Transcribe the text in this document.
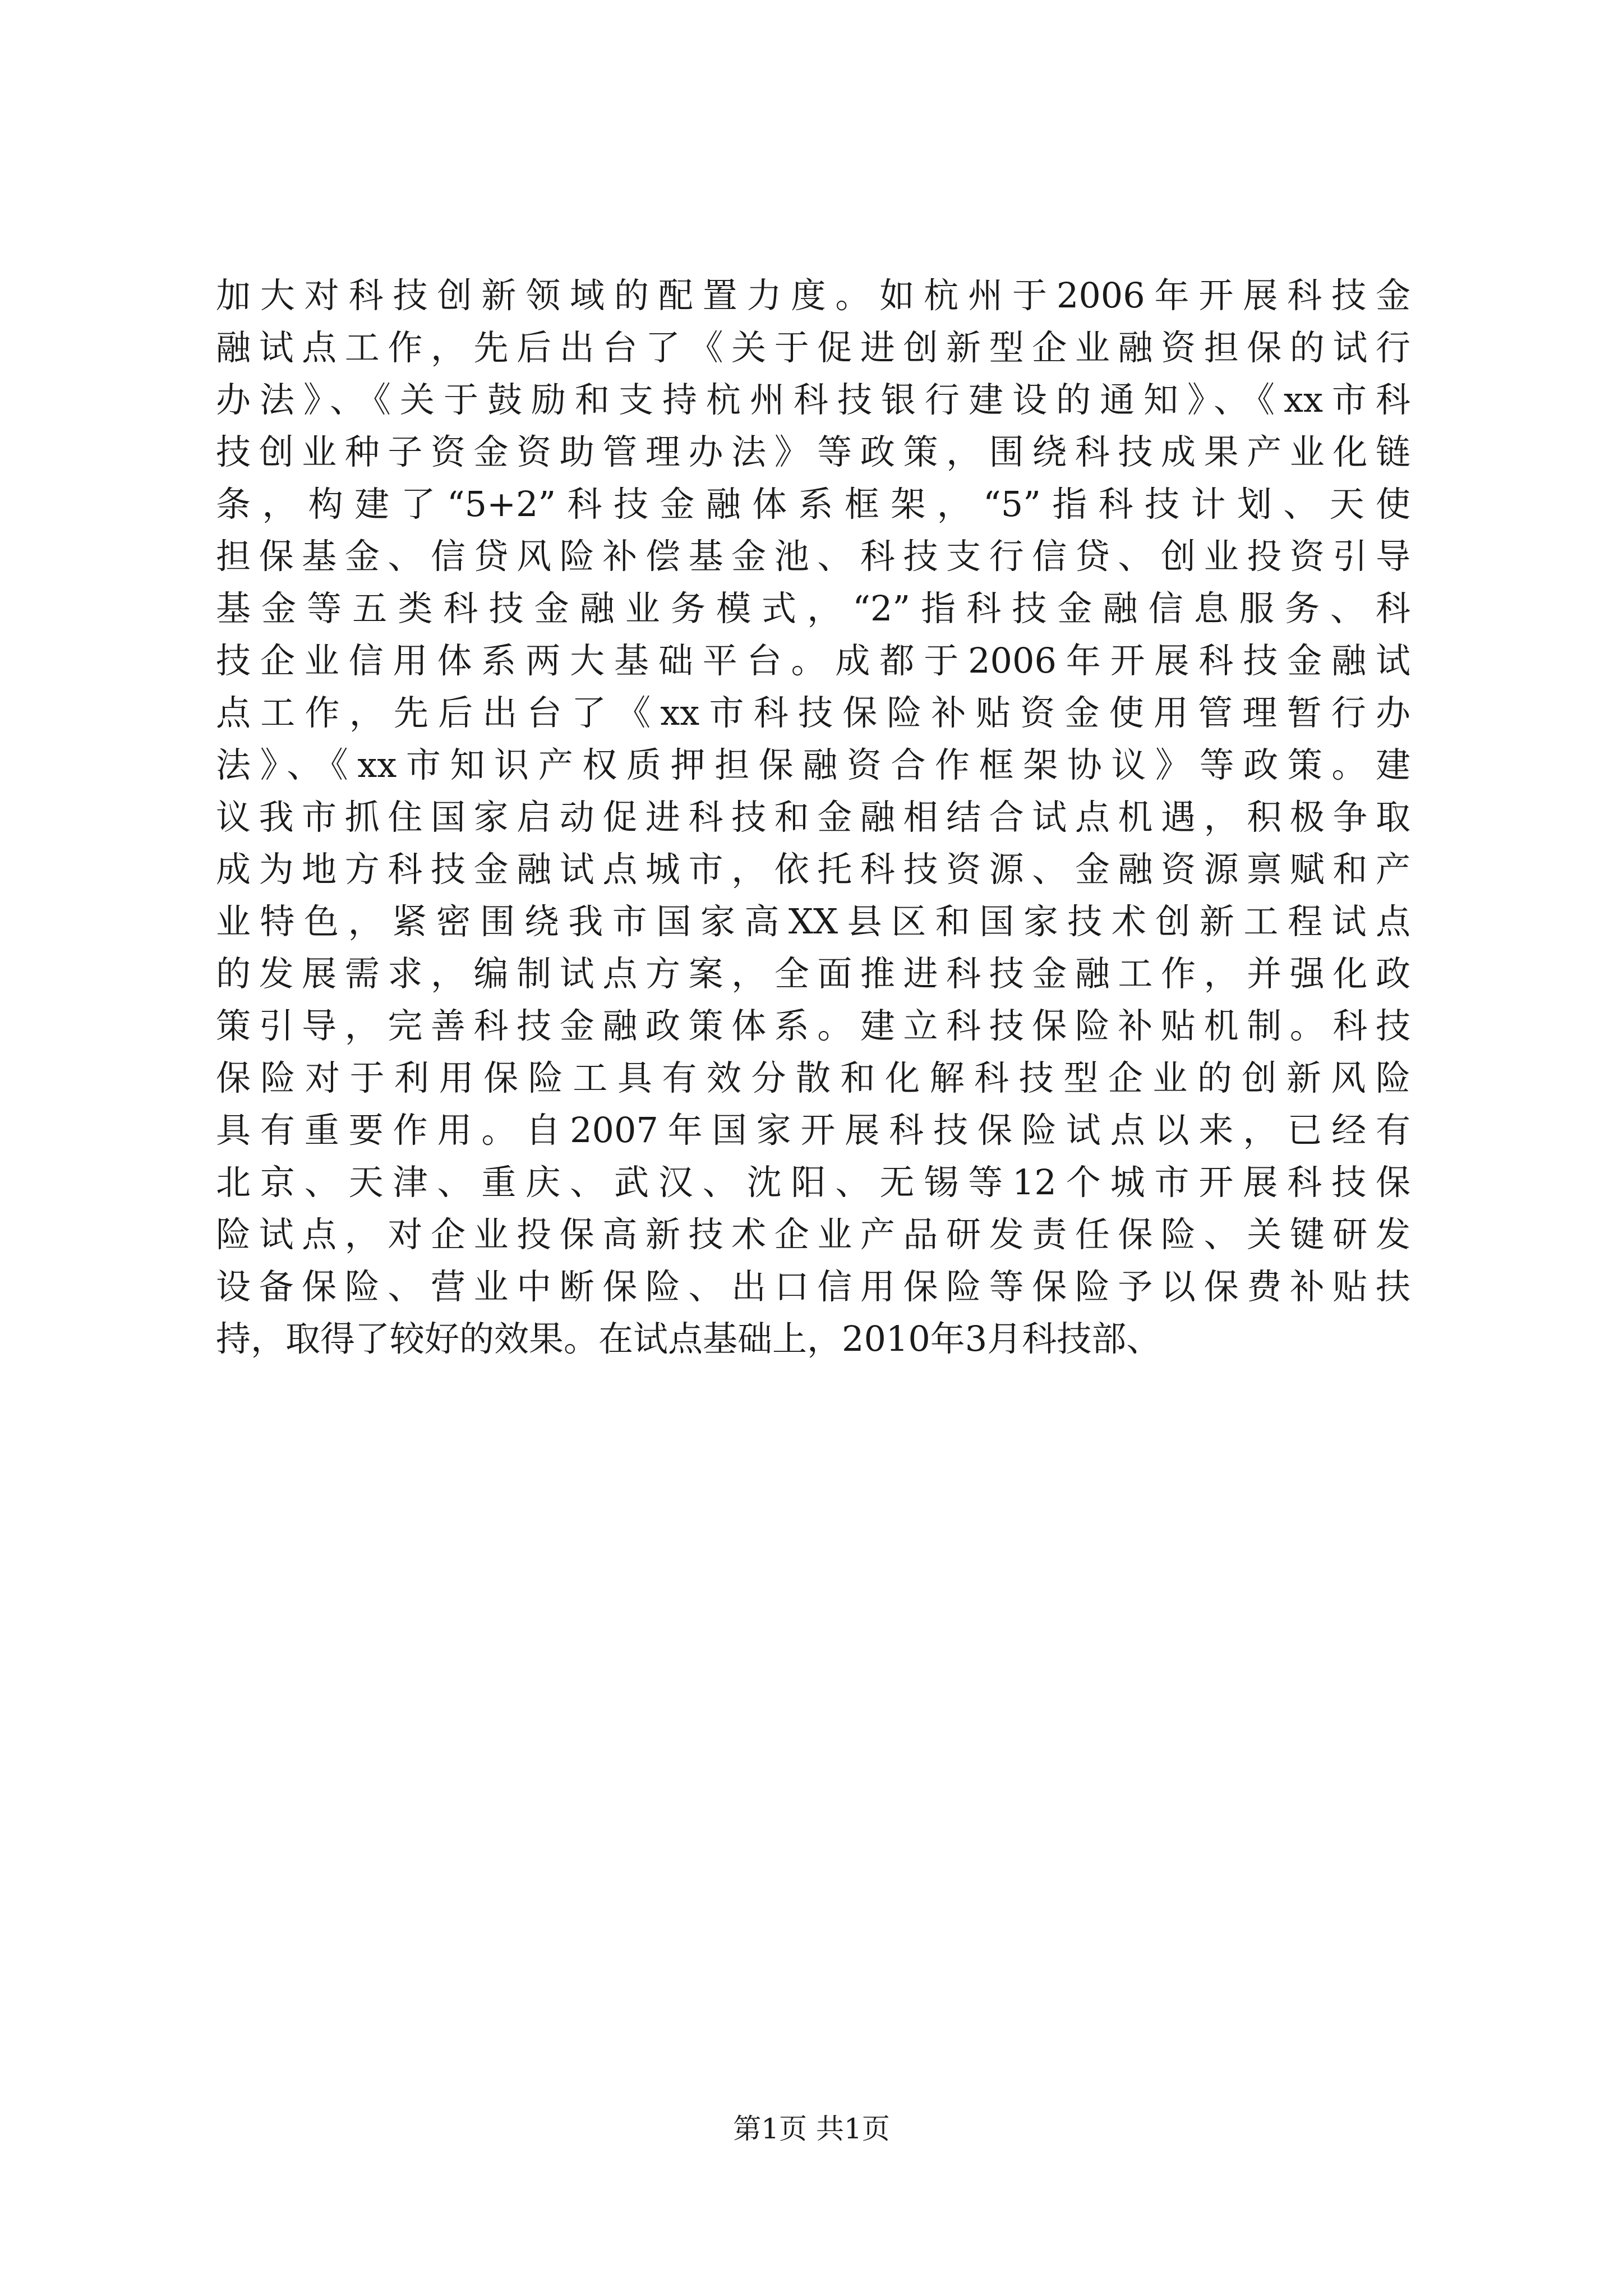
加大对科技创新领域的配置力度。如杭州于2006年开展科技金
融试点工作，先后出台了《关于促进创新型企业融资担保的试行
办法》、《关于鼓励和支持杭州科技银行建设的通知》、《xx市科
技创业种子资金资助管理办法》等政策，围绕科技成果产业化链
条，构建了“5+2”科技金融体系框架，“5”指科技计划、天使
担保基金、信贷风险补偿基金池、科技支行信贷、创业投资引导
基金等五类科技金融业务模式，“2”指科技金融信息服务、科
技企业信用体系两大基础平台。成都于2006年开展科技金融试
点工作，先后出台了《xx市科技保险补贴资金使用管理暂行办
法》、《xx市知识产权质押担保融资合作框架协议》等政策。建
议我市抓住国家启动促进科技和金融相结合试点机遇，积极争取
成为地方科技金融试点城市，依托科技资源、金融资源禀赋和产
业特色，紧密围绕我市国家高XX县区和国家技术创新工程试点
的发展需求，编制试点方案，全面推进科技金融工作，并强化政
策引导，完善科技金融政策体系。建立科技保险补贴机制。科技
保险对于利用保险工具有效分散和化解科技型企业的创新风险
具有重要作用。自2007年国家开展科技保险试点以来，已经有
北京、天津、重庆、武汉、沈阳、无锡等12个城市开展科技保
险试点，对企业投保高新技术企业产品研发责任保险、关键研发
设备保险、营业中断保险、出口信用保险等保险予以保费补贴扶
持，取得了较好的效果。在试点基础上，2010年3月科技部、
第1页 共1页
